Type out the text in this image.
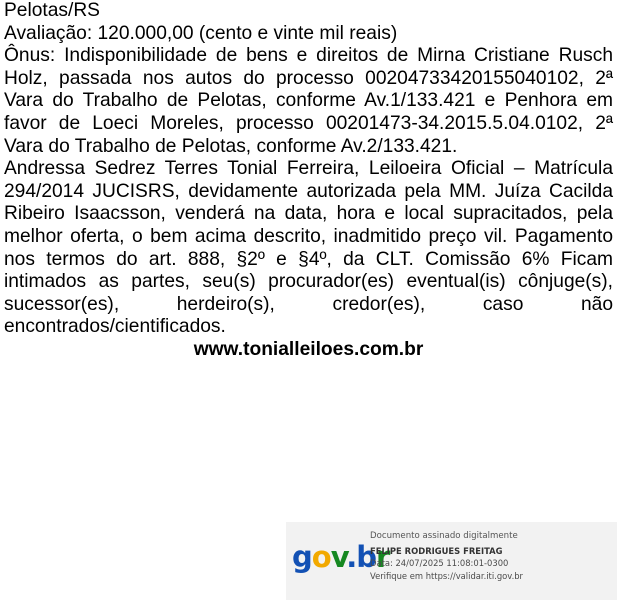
Pelotas/RS

Avaliação: 120.000,00 (cento e vinte mil reais)

Ônus: Indisponibilidade de bens e direitos de Mirna Cristiane Rusch Holz, passada nos autos do processo 00204733420155040102, 2ª Vara do Trabalho de Pelotas, conforme Av.1/133.421 e Penhora em favor de Loeci Moreles, processo 00201473-34.2015.5.04.0102, 2ª Vara do Trabalho de Pelotas, conforme Av.2/133.421.

Andressa Sedrez Terres Tonial Ferreira, Leiloeira Oficial – Matrícula 294/2014 JUCISRS, devidamente autorizada pela MM. Juíza Cacilda Ribeiro Isaacsson, venderá na data, hora e local supracitados, pela melhor oferta, o bem acima descrito, inadmitido preço vil. Pagamento nos termos do art. 888, §2º e §4º, da CLT. Comissão 6% Ficam intimados as partes, seu(s) procurador(es) eventual(is) cônjuge(s), sucessor(es), herdeiro(s), credor(es), caso não encontrados/cientificados.

www.tonialleiloes.com.br

gov.br
Documento assinado digitalmente
FELIPE RODRIGUES FREITAG
Data: 24/07/2025 11:08:01-0300
Verifique em https://validar.iti.gov.br
